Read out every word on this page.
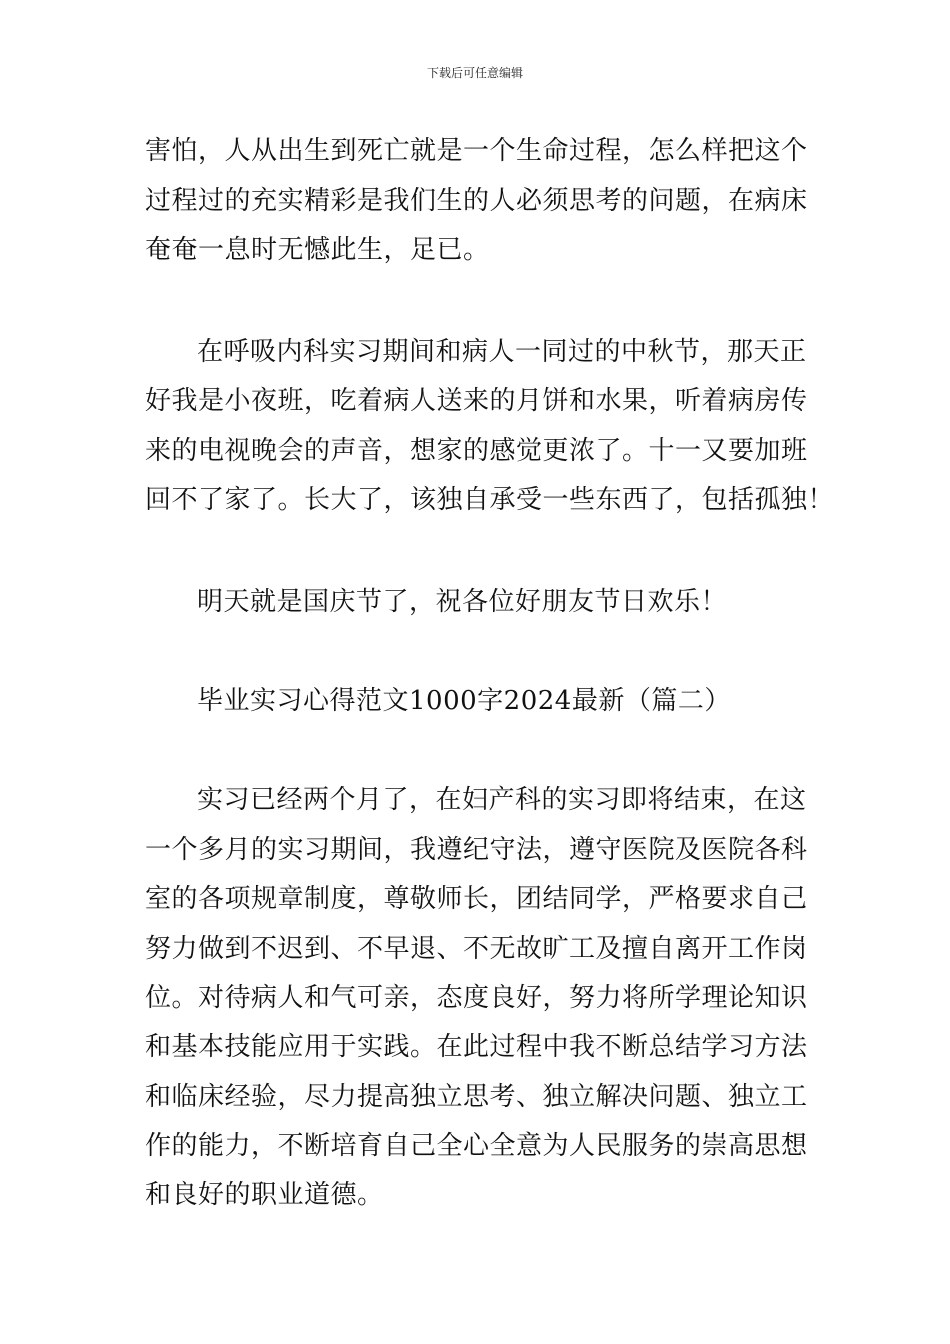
下载后可任意编辑
害怕，人从出生到死亡就是一个生命过程，怎么样把这个
过程过的充实精彩是我们生的人必须思考的问题，在病床
奄奄一息时无憾此生，足已。
在呼吸内科实习期间和病人一同过的中秋节，那天正
好我是小夜班，吃着病人送来的月饼和水果，听着病房传
来的电视晚会的声音，想家的感觉更浓了。十一又要加班
回不了家了。长大了，该独自承受一些东西了，包括孤独！
明天就是国庆节了，祝各位好朋友节日欢乐！
毕业实习心得范文1000字2024最新（篇二）
实习已经两个月了，在妇产科的实习即将结束，在这
一个多月的实习期间，我遵纪守法，遵守医院及医院各科
室的各项规章制度，尊敬师长，团结同学，严格要求自己
努力做到不迟到、不早退、不无故旷工及擅自离开工作岗
位。对待病人和气可亲，态度良好，努力将所学理论知识
和基本技能应用于实践。在此过程中我不断总结学习方法
和临床经验，尽力提高独立思考、独立解决问题、独立工
作的能力，不断培育自己全心全意为人民服务的崇高思想
和良好的职业道德。
